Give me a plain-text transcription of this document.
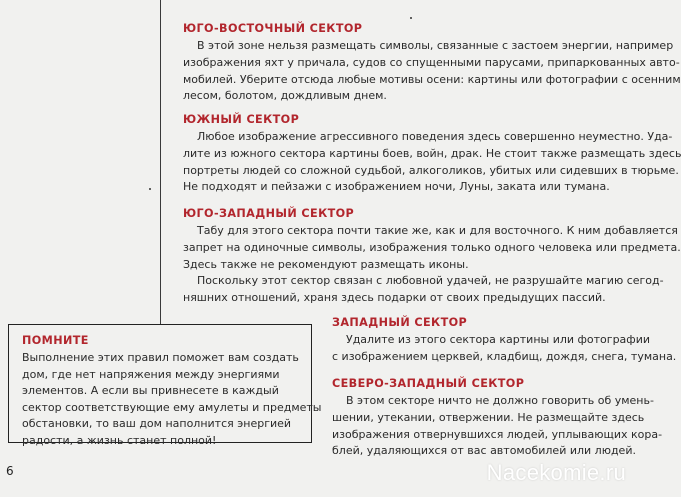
ЮГО-ВОСТОЧНЫЙ СЕКТОР

В этой зоне нельзя размещать символы, связанные с застоем энергии, например

изображения яхт у причала, судов со спущенными парусами, припаркованных авто-

мобилей. Уберите отсюда любые мотивы осени: картины или фотографии с осенним

лесом, болотом, дождливым днем.

ЮЖНЫЙ СЕКТОР

Любое изображение агрессивного поведения здесь совершенно неуместно. Уда-

лите из южного сектора картины боев, войн, драк. Не стоит также размещать здесь

портреты людей со сложной судьбой, алкоголиков, убитых или сидевших в тюрьме.

Не подходят и пейзажи с изображением ночи, Луны, заката или тумана.

ЮГО-ЗАПАДНЫЙ СЕКТОР

Табу для этого сектора почти такие же, как и для восточного. К ним добавляется

запрет на одиночные символы, изображения только одного человека или предмета.

Здесь также не рекомендуют размещать иконы.

Поскольку этот сектор связан с любовной удачей, не разрушайте магию сегод-

няшних отношений, храня здесь подарки от своих предыдущих пассий.

ПОМНИТЕ
Выполнение этих правил поможет вам создать
дом, где нет напряжения между энергиями
элементов. А если вы привнесете в каждый
сектор соответствующие ему амулеты и предметы
обстановки, то ваш дом наполнится энергией
радости, а жизнь станет полной!
ЗАПАДНЫЙ СЕКТОР

Удалите из этого сектора картины или фотографии

с изображением церквей, кладбищ, дождя, снега, тумана.

СЕВЕРО-ЗАПАДНЫЙ СЕКТОР

В этом секторе ничто не должно говорить об умень-

шении, утекании, отвержении. Не размещайте здесь

изображения отвернувшихся людей, уплывающих кора-

блей, удаляющихся от вас автомобилей или людей.

6	Nacekomie.ru
